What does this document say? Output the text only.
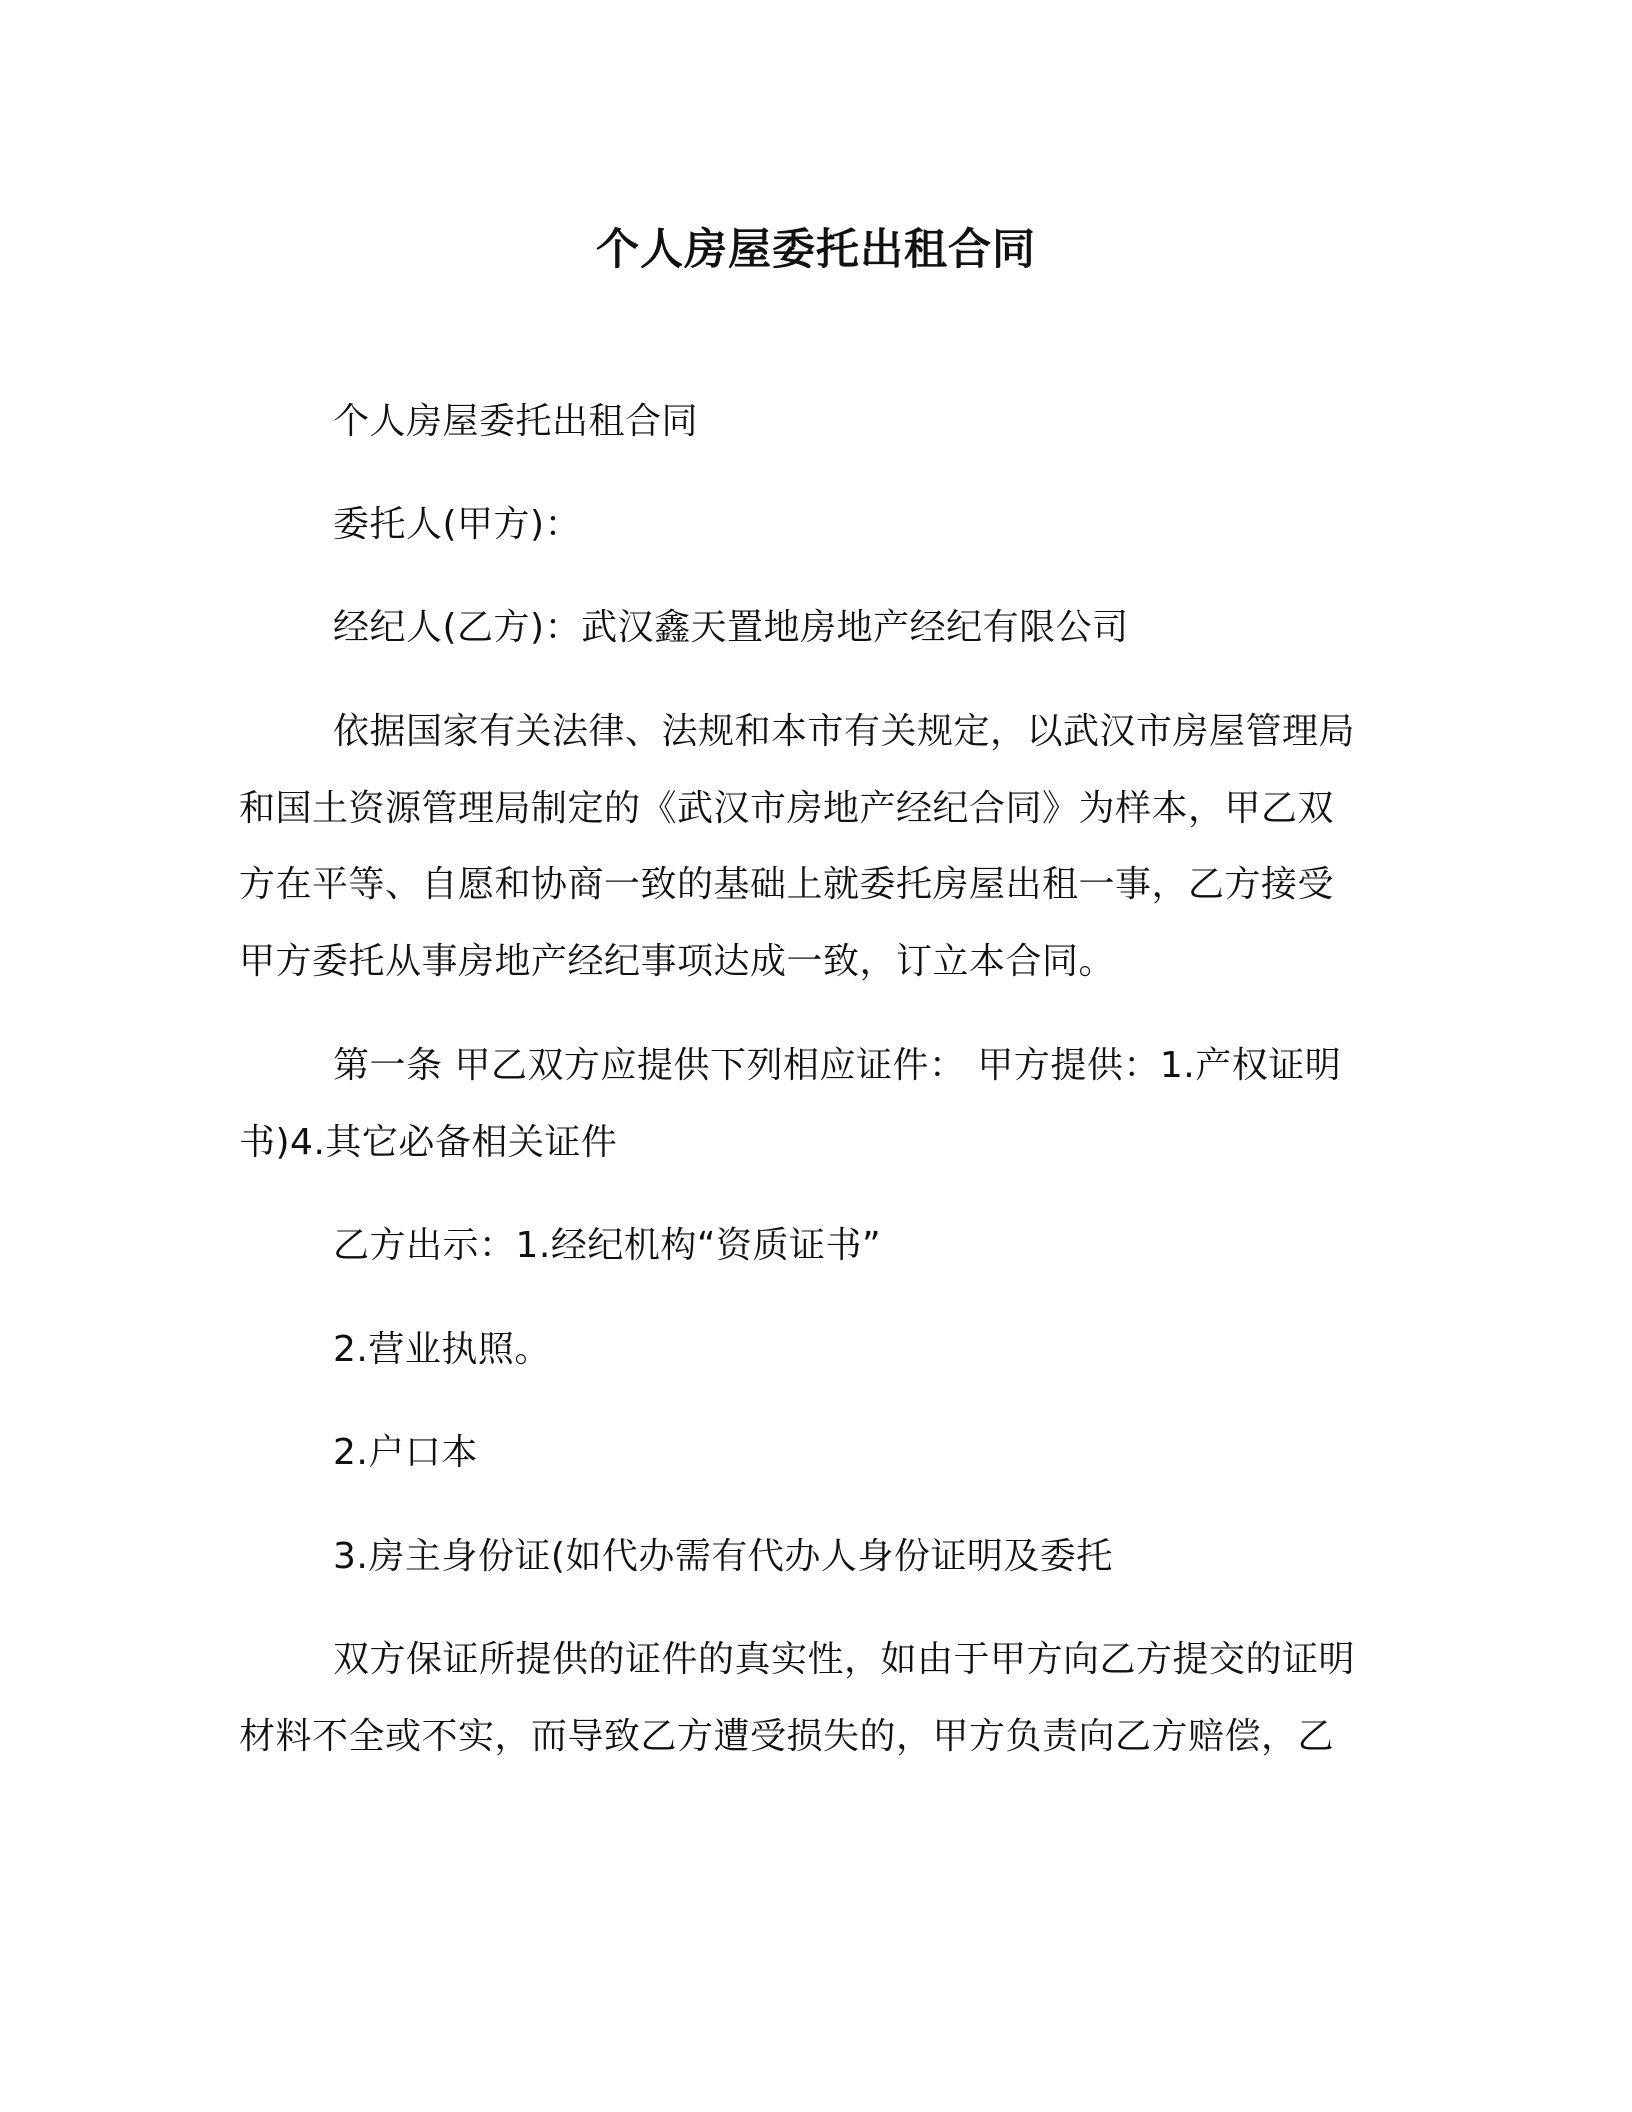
个人房屋委托出租合同
个人房屋委托出租合同
委托人(甲方)：
经纪人(乙方)：武汉鑫天置地房地产经纪有限公司
依据国家有关法律、法规和本市有关规定，以武汉市房屋管理局
和国土资源管理局制定的《武汉市房地产经纪合同》为样本，甲乙双
方在平等、自愿和协商一致的基础上就委托房屋出租一事，乙方接受
甲方委托从事房地产经纪事项达成一致，订立本合同。
第一条 甲乙双方应提供下列相应证件： 甲方提供：1.产权证明
书)4.其它必备相关证件
乙方出示：1.经纪机构“资质证书”
2.营业执照。
2.户口本
3.房主身份证(如代办需有代办人身份证明及委托
双方保证所提供的证件的真实性，如由于甲方向乙方提交的证明
材料不全或不实，而导致乙方遭受损失的，甲方负责向乙方赔偿，乙
